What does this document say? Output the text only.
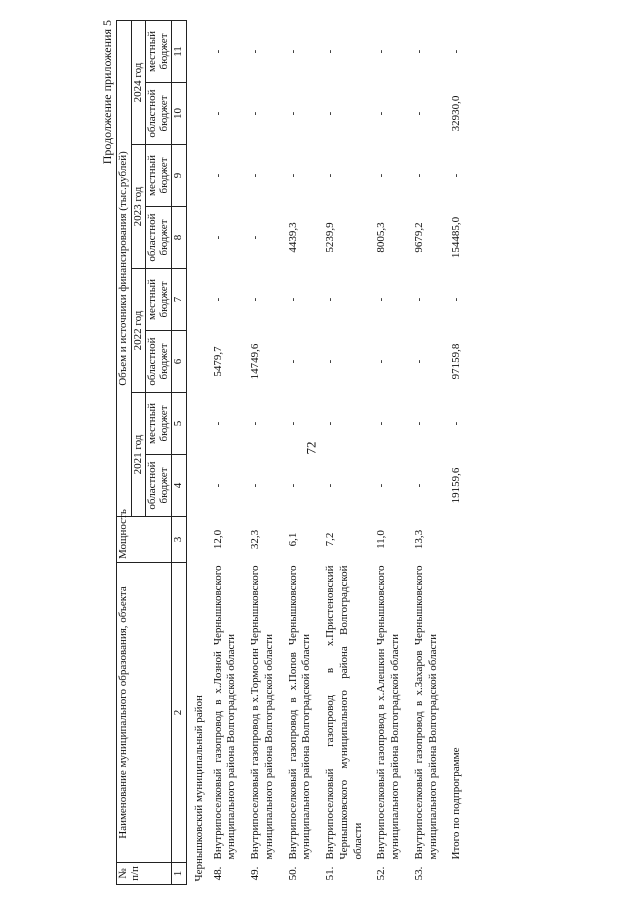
72
Продолжение приложения 5
№ п/п	Наименование муниципального образования, объекта	Мощность	Объем и источники финансирования (тыс.рублей)							
			2021 год		2022 год		2023 год		2024 год	
			областной бюджет	местный бюджет	областной бюджет	местный бюджет	областной бюджет	местный бюджет	областной бюджет	местный бюджет
1	2	3	4	5	6	7	8	9	10	11
Чернышковский муниципальный район										
48.	Внутрипоселковый газопровод в х.Лозной Чернышковского муниципального района Волгоградской области	12,0	-	-	5479,7	-	-	-	-	-

49.	Внутрипоселковый газопровод в х.Тормосин Чернышковского муниципального района Волгоградской области	32,3	-	-	14749,6	-	-	-	-	-

50.	Внутрипоселковый газопровод в х.Попов Чернышковского муниципального района Волгоградской области	6,1	-	-	-	-	4439,3	-	-	-

51.	Внутрипоселковый газопровод в х.Пристеновский Чернышковского муниципального района Волгоградской области	7,2	-	-	-	-	5239,9	-	-	-

52.	Внутрипоселковый газопровод в х.Алешкин Чернышковского муниципального района Волгоградской области	11,0	-	-	-	-	8005,3	-	-	-

53.	Внутрипоселковый газопровод в х.Захаров Чернышковского муниципального района Волгоградской области	13,3	-	-	-	-	9679,2	-	-	-

	Итого по подпрограмме		19159,6	-	97159,8	-	154485,0	-	32930,0	-
